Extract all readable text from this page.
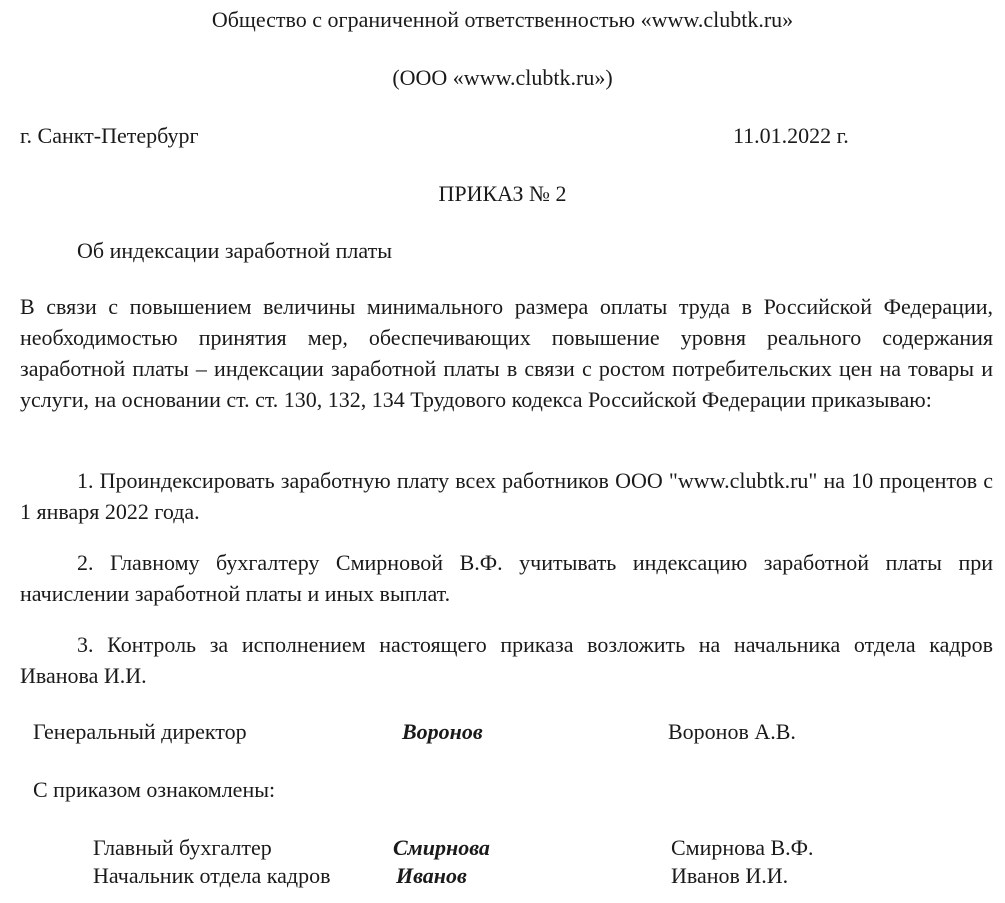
Общество с ограниченной ответственностью «www.clubtk.ru»
(ООО «www.clubtk.ru»)
г. Санкт-Петербург	11.01.2022 г.
ПРИКАЗ № 2
Об индексации заработной платы
В связи с повышением величины минимального размера оплаты труда в Российской Федерации, необходимостью принятия мер, обеспечивающих повышение уровня реального содержания заработной платы – индексации заработной платы в связи с ростом потребительских цен на товары и услуги, на основании ст. ст. 130, 132, 134 Трудового кодекса Российской Федерации приказываю:
1. Проиндексировать заработную плату всех работников ООО "www.clubtk.ru" на 10 процентов с 1 января 2022 года.
2. Главному бухгалтеру Смирновой В.Ф. учитывать индексацию заработной платы при начислении заработной платы и иных выплат.
3. Контроль за исполнением настоящего приказа возложить на начальника отдела кадров Иванова И.И.
Генеральный директор	Воронов	Воронов А.В.
С приказом ознакомлены:
Главный бухгалтер	Смирнова	Смирнова В.Ф.
Начальник отдела кадров	Иванов	Иванов И.И.
